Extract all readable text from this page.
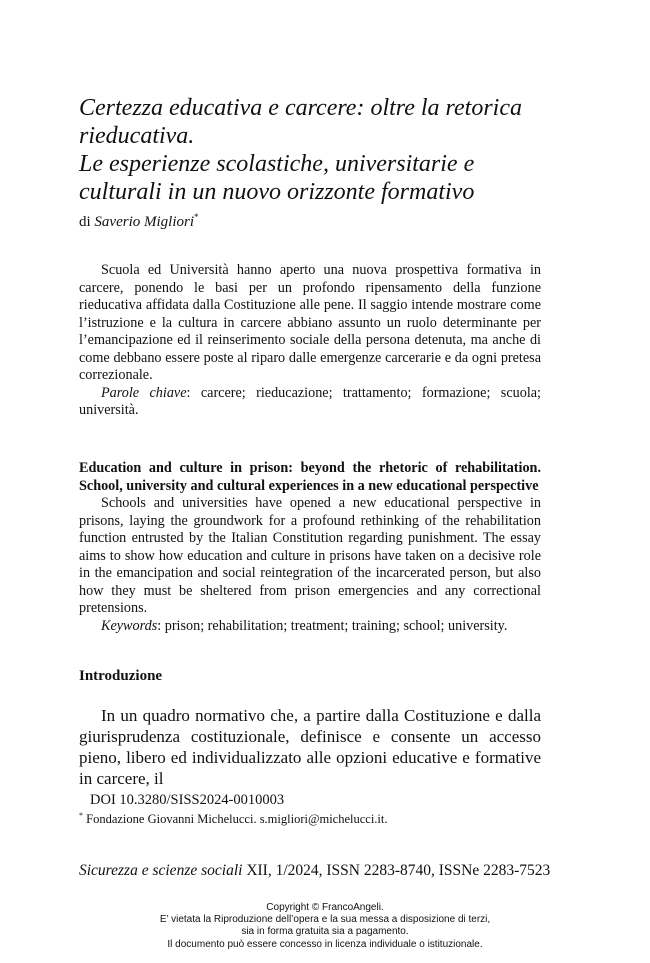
Certezza educativa e carcere: oltre la retorica
rieducativa.
Le esperienze scolastiche, universitarie e
culturali in un nuovo orizzonte formativo
di Saverio Migliori*

Scuola ed Università hanno aperto una nuova prospettiva formativa in carcere, ponendo le basi per un profondo ripensamento della funzione rieducativa affidata dalla Costituzione alle pene. Il saggio intende mostrare come l’istruzione e la cultura in carcere abbiano assunto un ruolo determinante per l’emancipazione ed il reinserimento sociale della persona detenuta, ma anche di come debbano essere poste al riparo dalle emergenze carcerarie e da ogni pretesa correzionale.

Parole chiave: carcere; rieducazione; trattamento; formazione; scuola; università.

Education and culture in prison: beyond the rhetoric of rehabilitation. School, university and cultural experiences in a new educational perspective

Schools and universities have opened a new educational perspective in prisons, laying the groundwork for a profound rethinking of the rehabilitation function entrusted by the Italian Constitution regarding punishment. The essay aims to show how education and culture in prisons have taken on a decisive role in the emancipation and social reintegration of the incarcerated person, but also how they must be sheltered from prison emergencies and any correctional pretensions.

Keywords: prison; rehabilitation; treatment; training; school; university.

Introduzione

In un quadro normativo che, a partire dalla Costituzione e dalla giurisprudenza costituzionale, definisce e consente un accesso pieno, libero ed individualizzato alle opzioni educative e formative in carcere, il

DOI 10.3280/SISS2024-0010003
* Fondazione Giovanni Michelucci. s.migliori@michelucci.it.
Sicurezza e scienze sociali XII, 1/2024, ISSN 2283-8740, ISSNe 2283-7523
Copyright © FrancoAngeli.
E’ vietata la Riproduzione dell’opera e la sua messa a disposizione di terzi,
sia in forma gratuita sia a pagamento.
Il documento può essere concesso in licenza individuale o istituzionale.
